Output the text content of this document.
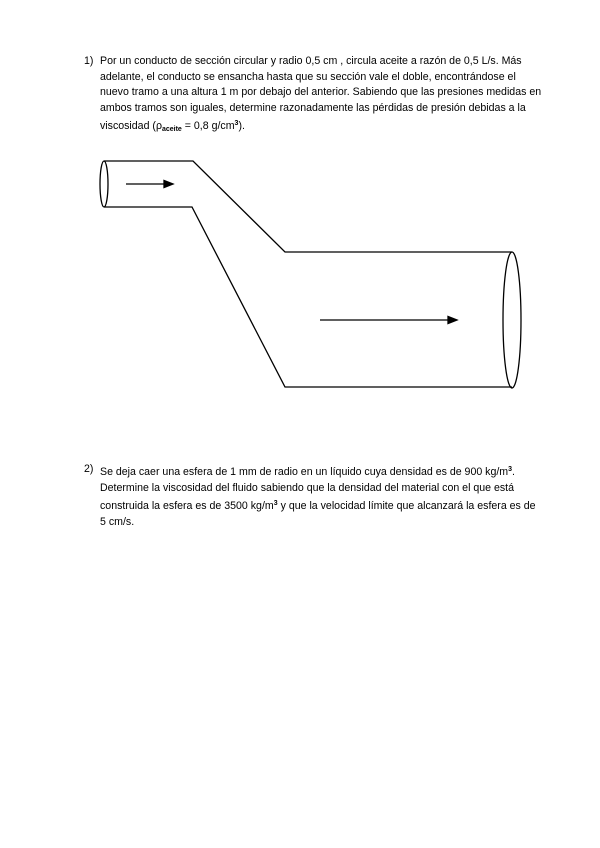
1) Por un conducto de sección circular y radio 0,5 cm , circula aceite a razón de 0,5 L/s. Más adelante, el conducto se ensancha hasta que su sección vale el doble, encontrándose el nuevo tramo a una altura 1 m por debajo del anterior. Sabiendo que las presiones medidas en ambos tramos son iguales, determine razonadamente las pérdidas de presión debidas a la viscosidad ($\rho_{aceite} = 0,8$ $g/cm^3$).
2) Se deja caer una esfera de 1 mm de radio en un líquido cuya densidad es de 900 $kg/m^3$. Determine la viscosidad del fluido sabiendo que la densidad del material con el que está construida la esfera es de 3500 $kg/m^3$ y que la velocidad límite que alcanzará la esfera es de 5 cm/s.
